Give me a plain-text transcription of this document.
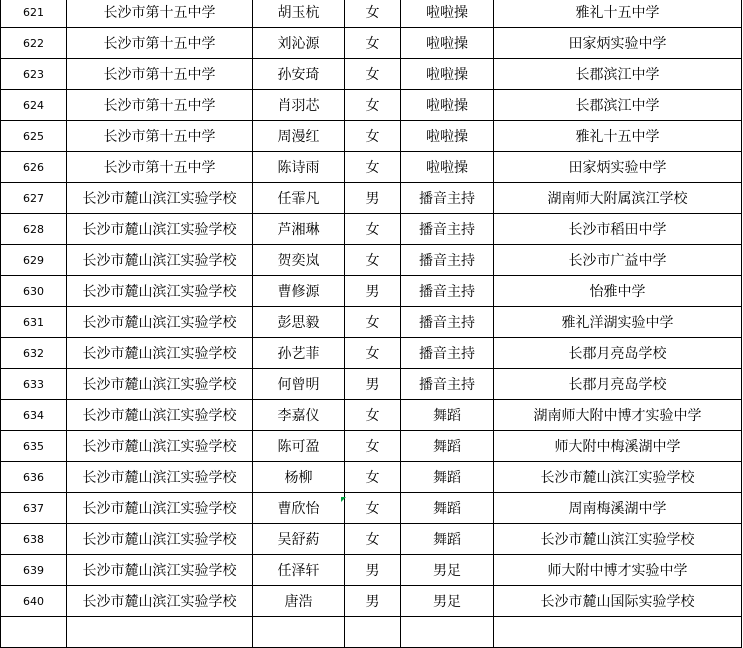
621	长沙市第十五中学	胡玉杭	女	啦啦操	雅礼十五中学
622	长沙市第十五中学	刘沁源	女	啦啦操	田家炳实验中学
623	长沙市第十五中学	孙安琦	女	啦啦操	长郡滨江中学
624	长沙市第十五中学	肖羽芯	女	啦啦操	长郡滨江中学
625	长沙市第十五中学	周漫红	女	啦啦操	雅礼十五中学
626	长沙市第十五中学	陈诗雨	女	啦啦操	田家炳实验中学
627	长沙市麓山滨江实验学校	任霏凡	男	播音主持	湖南师大附属滨江学校
628	长沙市麓山滨江实验学校	芦湘琳	女	播音主持	长沙市稻田中学
629	长沙市麓山滨江实验学校	贺奕岚	女	播音主持	长沙市广益中学
630	长沙市麓山滨江实验学校	曹修源	男	播音主持	怡雅中学
631	长沙市麓山滨江实验学校	彭思毅	女	播音主持	雅礼洋湖实验中学
632	长沙市麓山滨江实验学校	孙艺菲	女	播音主持	长郡月亮岛学校
633	长沙市麓山滨江实验学校	何曾明	男	播音主持	长郡月亮岛学校
634	长沙市麓山滨江实验学校	李嘉仪	女	舞蹈	湖南师大附中博才实验中学
635	长沙市麓山滨江实验学校	陈可盈	女	舞蹈	师大附中梅溪湖中学
636	长沙市麓山滨江实验学校	杨柳	女	舞蹈	长沙市麓山滨江实验学校
637	长沙市麓山滨江实验学校	曹欣怡	女	舞蹈	周南梅溪湖中学
638	长沙市麓山滨江实验学校	吴舒葯	女	舞蹈	长沙市麓山滨江实验学校
639	长沙市麓山滨江实验学校	任泽轩	男	男足	师大附中博才实验中学
640	长沙市麓山滨江实验学校	唐浩	男	男足	长沙市麓山国际实验学校
